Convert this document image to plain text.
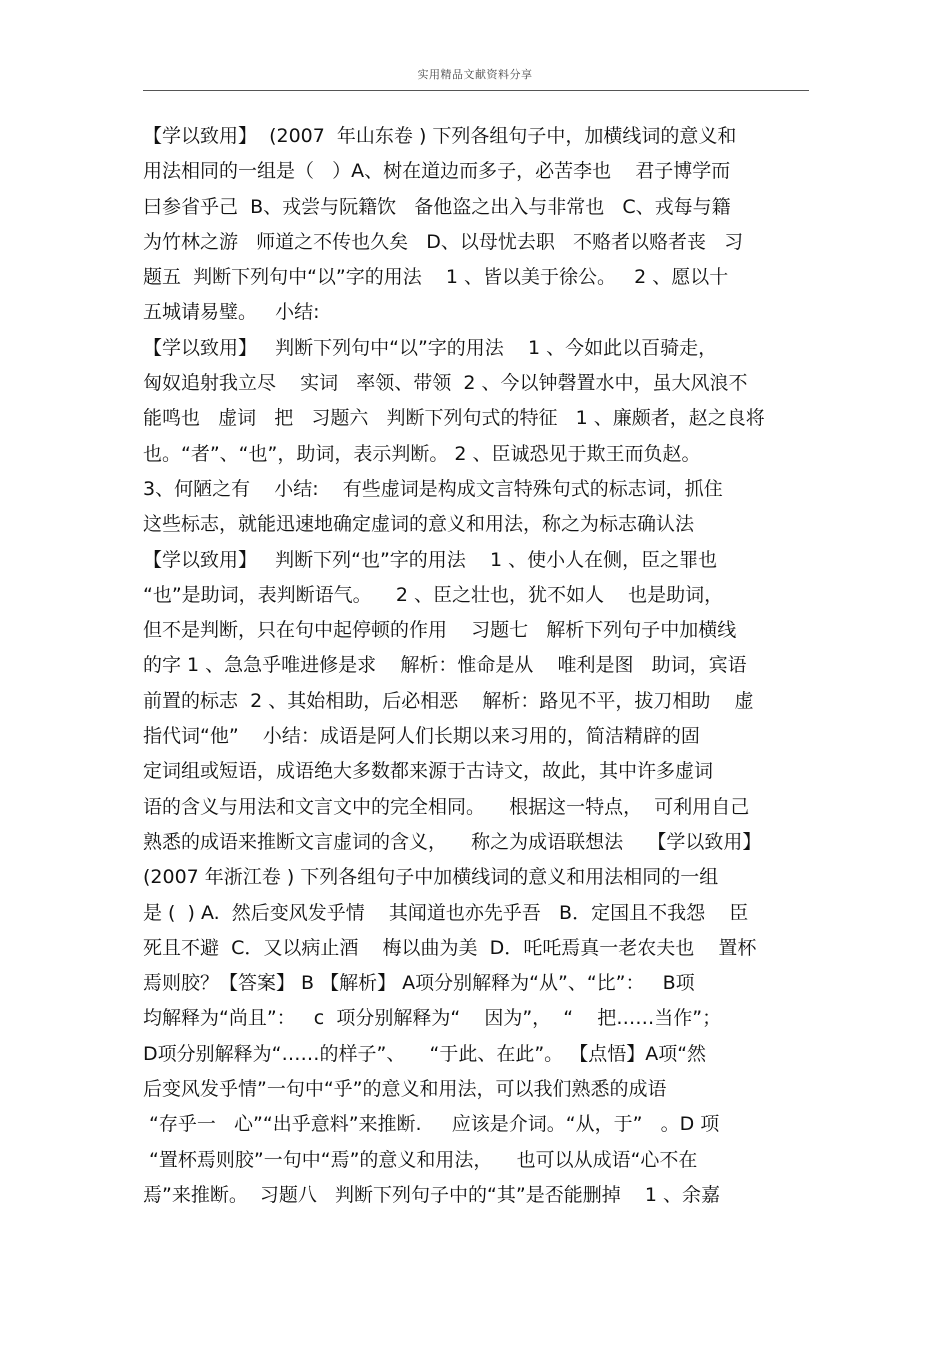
实用精品文献资料分享
【学以致用】  (2007  年山东卷 ) 下列各组句子中，加横线词的意义和
用法相同的一组是（   ）A、树在道边而多子，必苦李也    君子博学而
曰参省乎己  B、戎尝与阮籍饮   备他盗之出入与非常也   C、戎每与籍
为竹林之游   师道之不传也久矣   D、以母忧去职   不赂者以赂者丧   习
题五  判断下列句中“以”字的用法    1 、皆以美于徐公。   2 、愿以十
五城请易璧。   小结:
【学以致用】   判断下列句中“以”字的用法    1 、今如此以百骑走，
匈奴追射我立尽    实词   率领、带领  2 、今以钟磬置水中，虽大风浪不
能鸣也   虚词   把   习题六   判断下列句式的特征   1 、廉颇者，赵之良将
也。“者”、“也”，助词，表示判断。 2 、臣诚恐见于欺王而负赵。
3、何陋之有    小结:    有些虚词是构成文言特殊句式的标志词，抓住
这些标志，就能迅速地确定虚词的意义和用法，称之为标志确认法
【学以致用】   判断下列“也”字的用法    1 、使小人在侧，臣之罪也
“也”是助词，表判断语气。    2 、臣之壮也，犹不如人    也是助词，
但不是判断，只在句中起停顿的作用    习题七   解析下列句子中加横线
的字 1 、急急乎唯进修是求    解析：惟命是从    唯利是图   助词，宾语
前置的标志  2 、其始相助，后必相恶    解析：路见不平，拔刀相助    虚
指代词“他”    小结：成语是阿人们长期以来习用的，简洁精辟的固
定词组或短语，成语绝大多数都来源于古诗文，故此，其中许多虚词
语的含义与用法和文言文中的完全相同。    根据这一特点，  可利用自己
熟悉的成语来推断文言虚词的含义，    称之为成语联想法    【学以致用】
(2007 年浙江卷 ) 下列各组句子中加横线词的意义和用法相同的一组
是 (  ) A.  然后变风发乎情    其闻道也亦先乎吾   B．定国且不我怨    臣
死且不避  C．又以病止酒    梅以曲为美  D．吒吒焉真一老农夫也    置杯
焉则胶？【答案】 B 【解析】 A项分别解释为“从”、“比”：   B项
均解释为“尚且”：   c  项分别解释为“    因为”，  “    把……当作”；
D项分别解释为“……的样子”、    “于此、在此”。 【点悟】A项“然
后变风发乎情”一句中“乎”的意义和用法，可以我们熟悉的成语
“存乎一   心”“出乎意料”来推断.     应该是介词。“从，于”   。D 项
“置杯焉则胶”一句中“焉”的意义和用法，    也可以从成语“心不在
焉”来推断。  习题八   判断下列句子中的“其”是否能删掉    1 、余嘉
